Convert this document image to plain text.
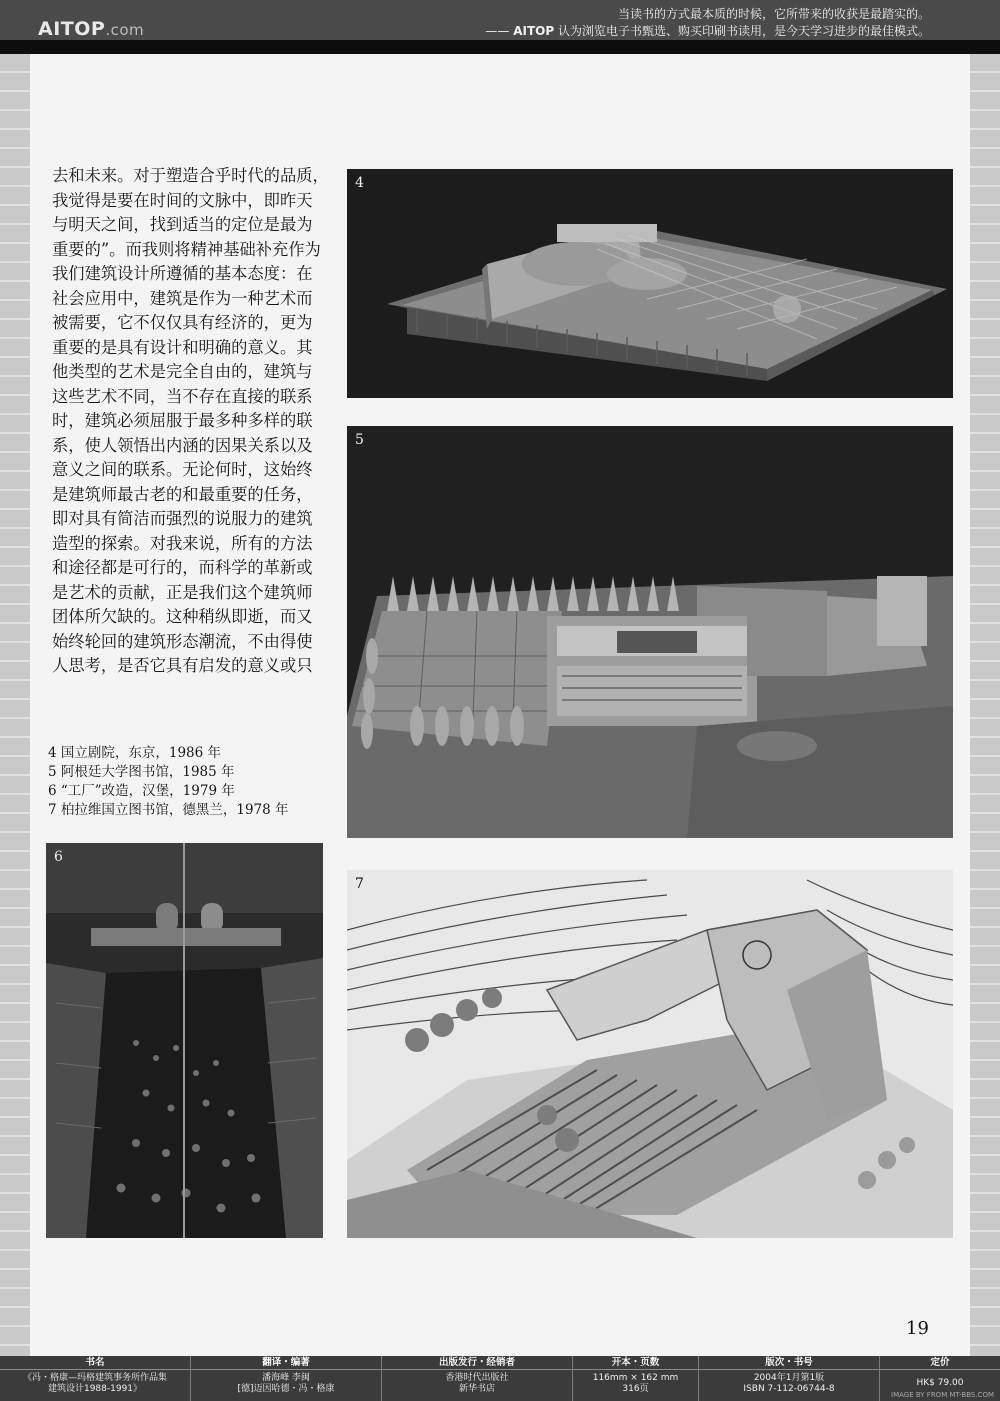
AITOP.com
当读书的方式最本质的时候，它所带来的收获是最踏实的。
—— AITOP 认为浏览电子书甄选、购买印刷书读用，是今天学习进步的最佳模式。
去和未来。对于塑造合乎时代的品质，
我觉得是要在时间的文脉中，即昨天
与明天之间，找到适当的定位是最为
重要的”。而我则将精神基础补充作为
我们建筑设计所遵循的基本态度：在
社会应用中，建筑是作为一种艺术而
被需要，它不仅仅具有经济的，更为
重要的是具有设计和明确的意义。其
他类型的艺术是完全自由的，建筑与
这些艺术不同，当不存在直接的联系
时，建筑必须屈服于最多种多样的联
系，使人领悟出内涵的因果关系以及
意义之间的联系。无论何时，这始终
是建筑师最古老的和最重要的任务，
即对具有简洁而强烈的说服力的建筑
造型的探索。对我来说，所有的方法
和途径都是可行的，而科学的革新或
是艺术的贡献，正是我们这个建筑师
团体所欠缺的。这种稍纵即逝，而又
始终轮回的建筑形态潮流，不由得使
人思考，是否它具有启发的意义或只
4 国立剧院，东京，1986 年
5 阿根廷大学图书馆，1985 年
6 “工厂”改造，汉堡，1979 年
7 柏拉维国立图书馆，德黑兰，1978 年
4
5
6
7
19
书名
《冯・格康—玛格建筑事务所作品集
建筑设计1988-1991》
翻译・编著
潘海峰 李闽
[德]迈因哈德・冯・格康
出版发行・经销者
香港时代出版社
新华书店
开本・页数
116mm × 162 mm
316页
版次・书号
2004年1月第1版
ISBN 7-112-06744-8
定价
HK$ 79.00
IMAGE BY FROM MT-BBS.COM
